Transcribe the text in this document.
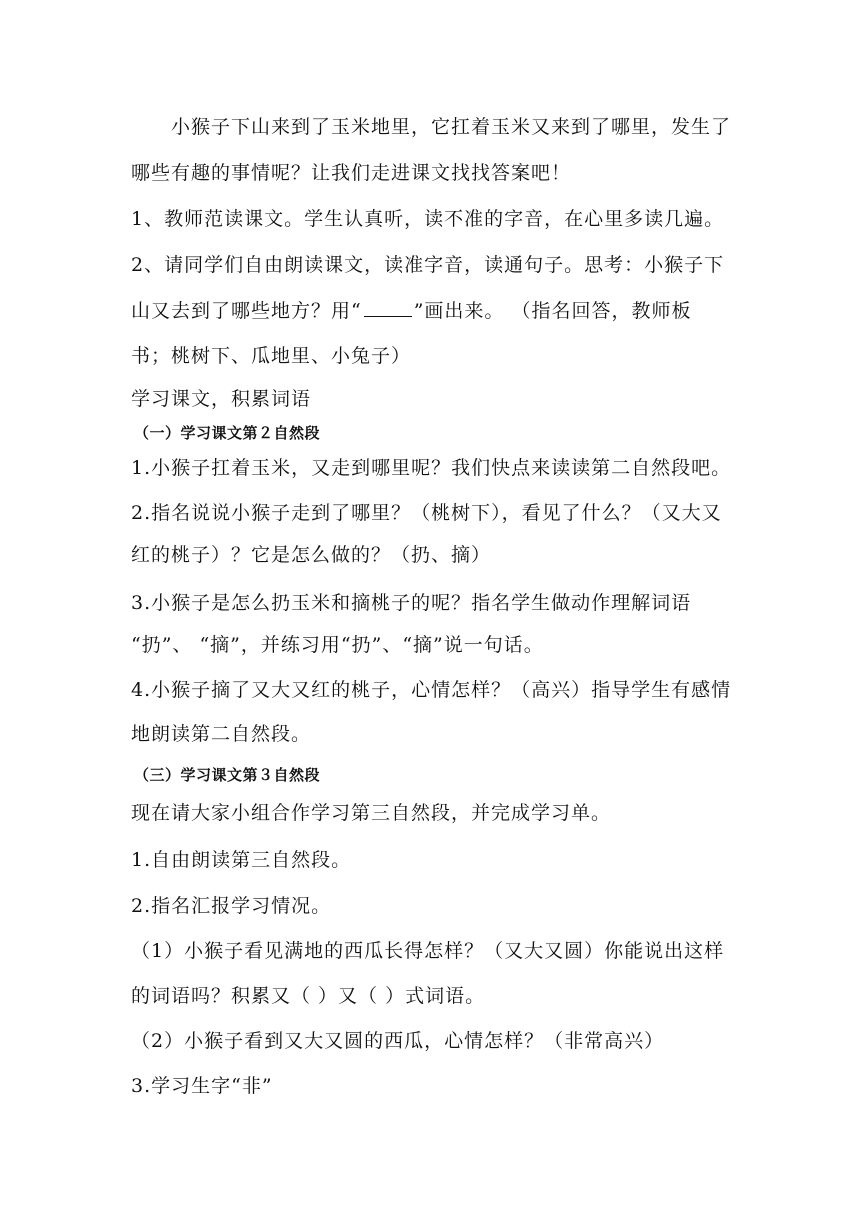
　　小猴子下山来到了玉米地里，它扛着玉米又来到了哪里，发生了
哪些有趣的事情呢？让我们走进课文找找答案吧！
1、教师范读课文。学生认真听，读不准的字音，在心里多读几遍。
2、请同学们自由朗读课文，读准字音，读通句子。思考：小猴子下
山又去到了哪些地方？用“	”画出来。 （指名回答，教师板
书；桃树下、瓜地里、小兔子）
学习课文，积累词语
（一）学习课文第２自然段
1.小猴子扛着玉米，又走到哪里呢？我们快点来读读第二自然段吧。
2.指名说说小猴子走到了哪里？（桃树下），看见了什么？（又大又
红的桃子）？它是怎么做的？（扔、摘）
3.小猴子是怎么扔玉米和摘桃子的呢？指名学生做动作理解词语
“扔”、 “摘”，并练习用“扔”、“摘”说一句话。
4.小猴子摘了又大又红的桃子，心情怎样？（高兴）指导学生有感情
地朗读第二自然段。
（三）学习课文第３自然段
现在请大家小组合作学习第三自然段，并完成学习单。
1.自由朗读第三自然段。
2.指名汇报学习情况。
（1）小猴子看见满地的西瓜长得怎样？（又大又圆）你能说出这样
的词语吗？积累又（ ）又（ ）式词语。
（2）小猴子看到又大又圆的西瓜，心情怎样？（非常高兴）
3.学习生字“非”
